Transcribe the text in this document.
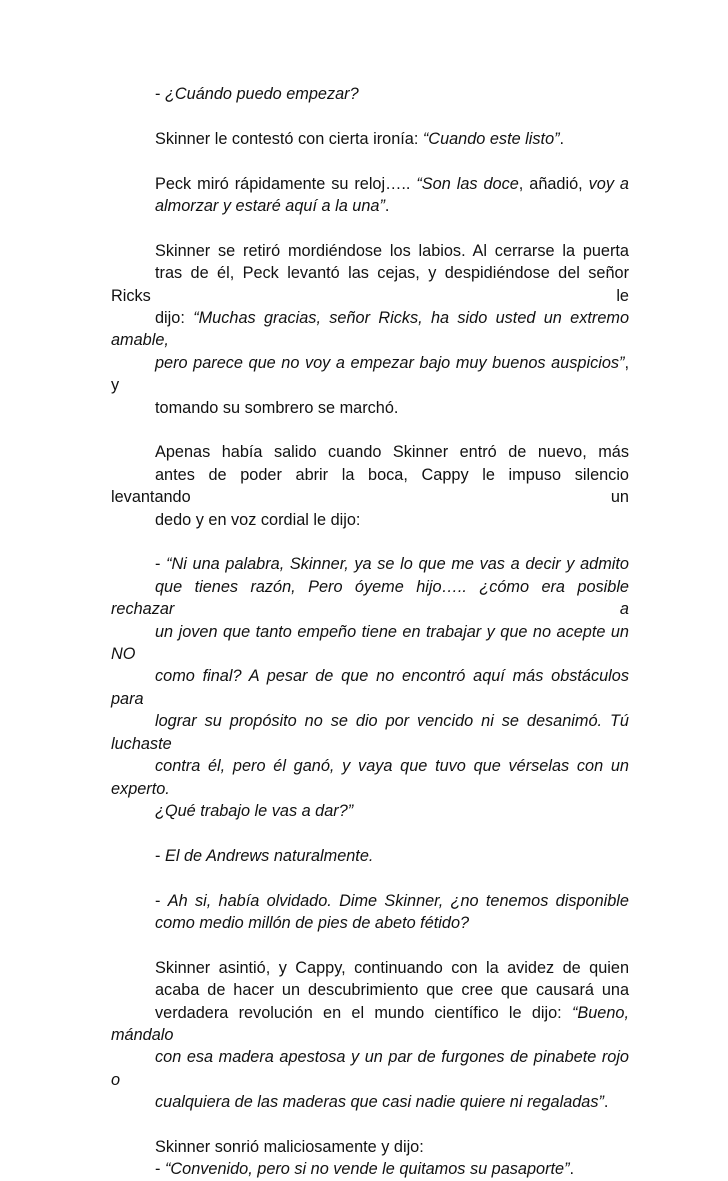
- ¿Cuándo puedo empezar?

Skinner le contestó con cierta ironía: “Cuando este listo”.

Peck miró rápidamente su reloj….. “Son las doce, añadió, voy a
almorzar y estaré aquí a la una”.

Skinner se retiró mordiéndose los labios. Al cerrarse la puerta
tras de él, Peck levantó las cejas, y despidiéndose del señor Ricks le
dijo: “Muchas gracias, señor Ricks, ha sido usted un extremo amable,
pero parece que no voy a empezar bajo muy buenos auspicios”, y
tomando su sombrero se marchó.

Apenas había salido cuando Skinner entró de nuevo, más
antes de poder abrir la boca, Cappy le impuso silencio levantando un
dedo y en voz cordial le dijo:

- “Ni una palabra, Skinner, ya se lo que me vas a decir y admito
que tienes razón, Pero óyeme hijo….. ¿cómo era posible rechazar a
un joven que tanto empeño tiene en trabajar y que no acepte un NO
como final? A pesar de que no encontró aquí más obstáculos para
lograr su propósito no se dio por vencido ni se desanimó. Tú luchaste
contra él, pero él ganó, y vaya que tuvo que vérselas con un experto.
¿Qué trabajo le vas a dar?”

- El de Andrews naturalmente.

- Ah si, había olvidado. Dime Skinner, ¿no tenemos disponible
como medio millón de pies de abeto fétido?

Skinner asintió, y Cappy, continuando con la avidez de quien
acaba de hacer un descubrimiento que cree que causará una
verdadera revolución en el mundo científico le dijo: “Bueno, mándalo
con esa madera apestosa y un par de furgones de pinabete rojo o
cualquiera de las maderas que casi nadie quiere ni regaladas”.

Skinner sonrió maliciosamente y dijo:
- “Convenido, pero si no vende le quitamos su pasaporte”.
